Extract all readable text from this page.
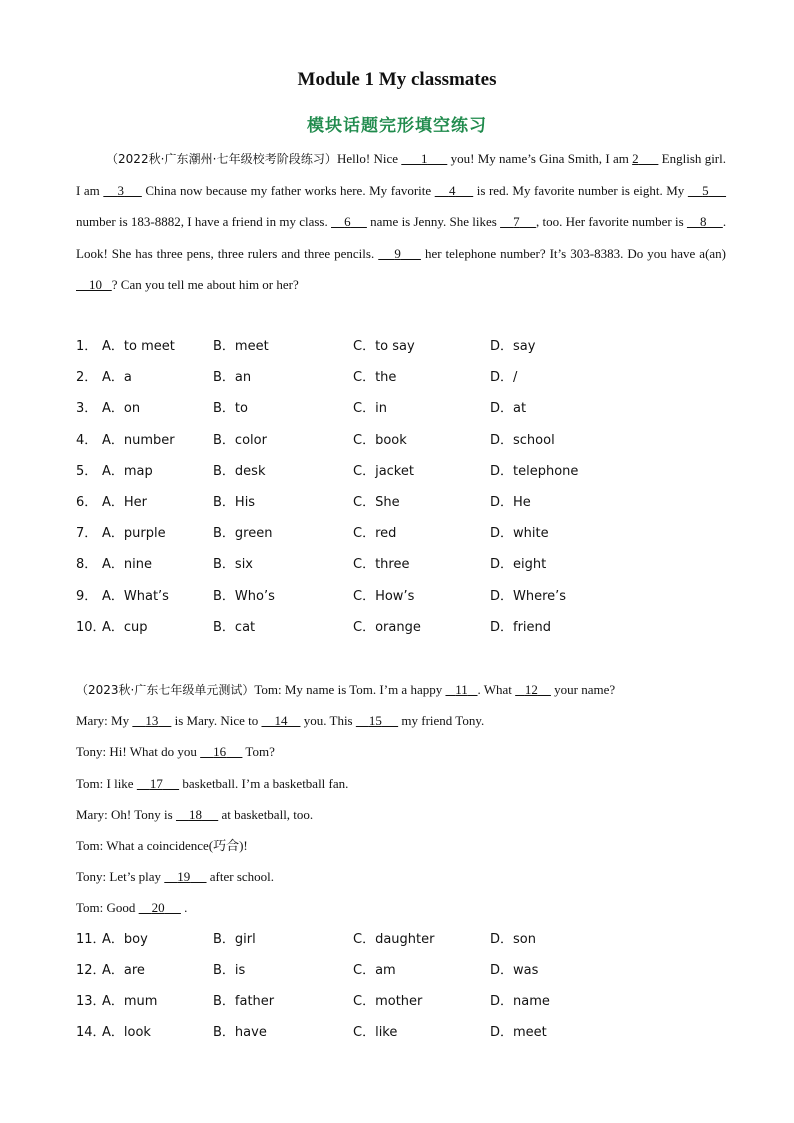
Module 1 My classmates
模块话题完形填空练习
（2022秋·广东潮州·七年级校考阶段练习）Hello! Nice       1       you! My name’s Gina Smith, I am 2       English girl. I am     3      China now because my father works here. My favorite     4      is red. My favorite number is eight. My     5      number is 183-8882, I have a friend in my class.     6      name is Jenny. She likes     7 , too. Her favorite number is     8 . Look! She has three pens, three rulers and three pencils.     9      her telephone number? It’s 303-8383. Do you have a(an)     10 ? Can you tell me about him or her?
1． A．to meet	B．meet	C．to say	D．say
2． A．a	B．an	C．the	D．/
3． A．on	B．to	C．in	D．at
4． A．number	B．color	C．book	D．school
5． A．map	B．desk	C．jacket	D．telephone
6． A．Her	B．His	C．She	D．He
7． A．purple	B．green	C．red	D．white
8． A．nine	B．six	C．three	D．eight
9． A．What’s	B．Who’s	C．How’s	D．Where’s
10．
A．cup	B．cat	C．orange	D．friend
（2023秋·广东七年级单元测试）Tom: My name is Tom. I’m a happy    11 . What    12     your name?
Mary: My     13     is Mary. Nice to     14     you. This     15      my friend Tony.
Tony: Hi! What do you     16      Tom?
Tom: I like     17      basketball. I’m a basketball fan.
Mary: Oh! Tony is     18      at basketball, too.
Tom: What a coincidence(巧合)!
Tony: Let’s play     19      after school.
Tom: Good     20      .
11．
A．boy	B．girl	C．daughter	D．son
12．
A．are	B．is	C．am	D．was
13．
A．mum	B．father	C．mother	D．name
14．
A．look	B．have	C．like	D．meet
